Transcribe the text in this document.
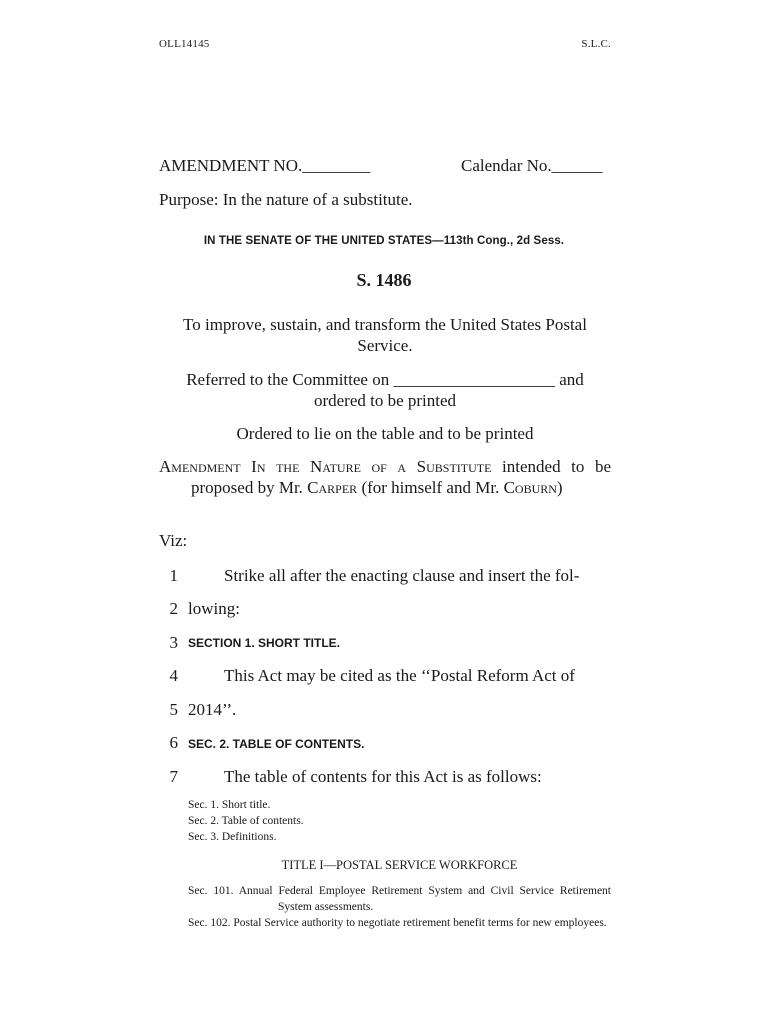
OLL14145	S.L.C.
AMENDMENT NO.________	Calendar No.______
Purpose: In the nature of a substitute.
IN THE SENATE OF THE UNITED STATES—113th Cong., 2d Sess.
S. 1486
To improve, sustain, and transform the United States Postal
Service.
Referred to the Committee on ___________________ and
ordered to be printed
Ordered to lie on the table and to be printed
Amendment In the Nature of a Substitute intended to be proposed by Mr. Carper (for himself and Mr. Coburn)
Viz:
1	Strike all after the enacting clause and insert the fol-
2 lowing:
3 SECTION 1. SHORT TITLE.
4	This Act may be cited as the ‘‘Postal Reform Act of
5 2014’’.
6 SEC. 2. TABLE OF CONTENTS.
7	The table of contents for this Act is as follows:
Sec. 1. Short title.
Sec. 2. Table of contents.
Sec. 3. Definitions.
TITLE I—POSTAL SERVICE WORKFORCE
Sec. 101. Annual Federal Employee Retirement System and Civil Service Retirement System assessments.
Sec. 102. Postal Service authority to negotiate retirement benefit terms for new employees.
